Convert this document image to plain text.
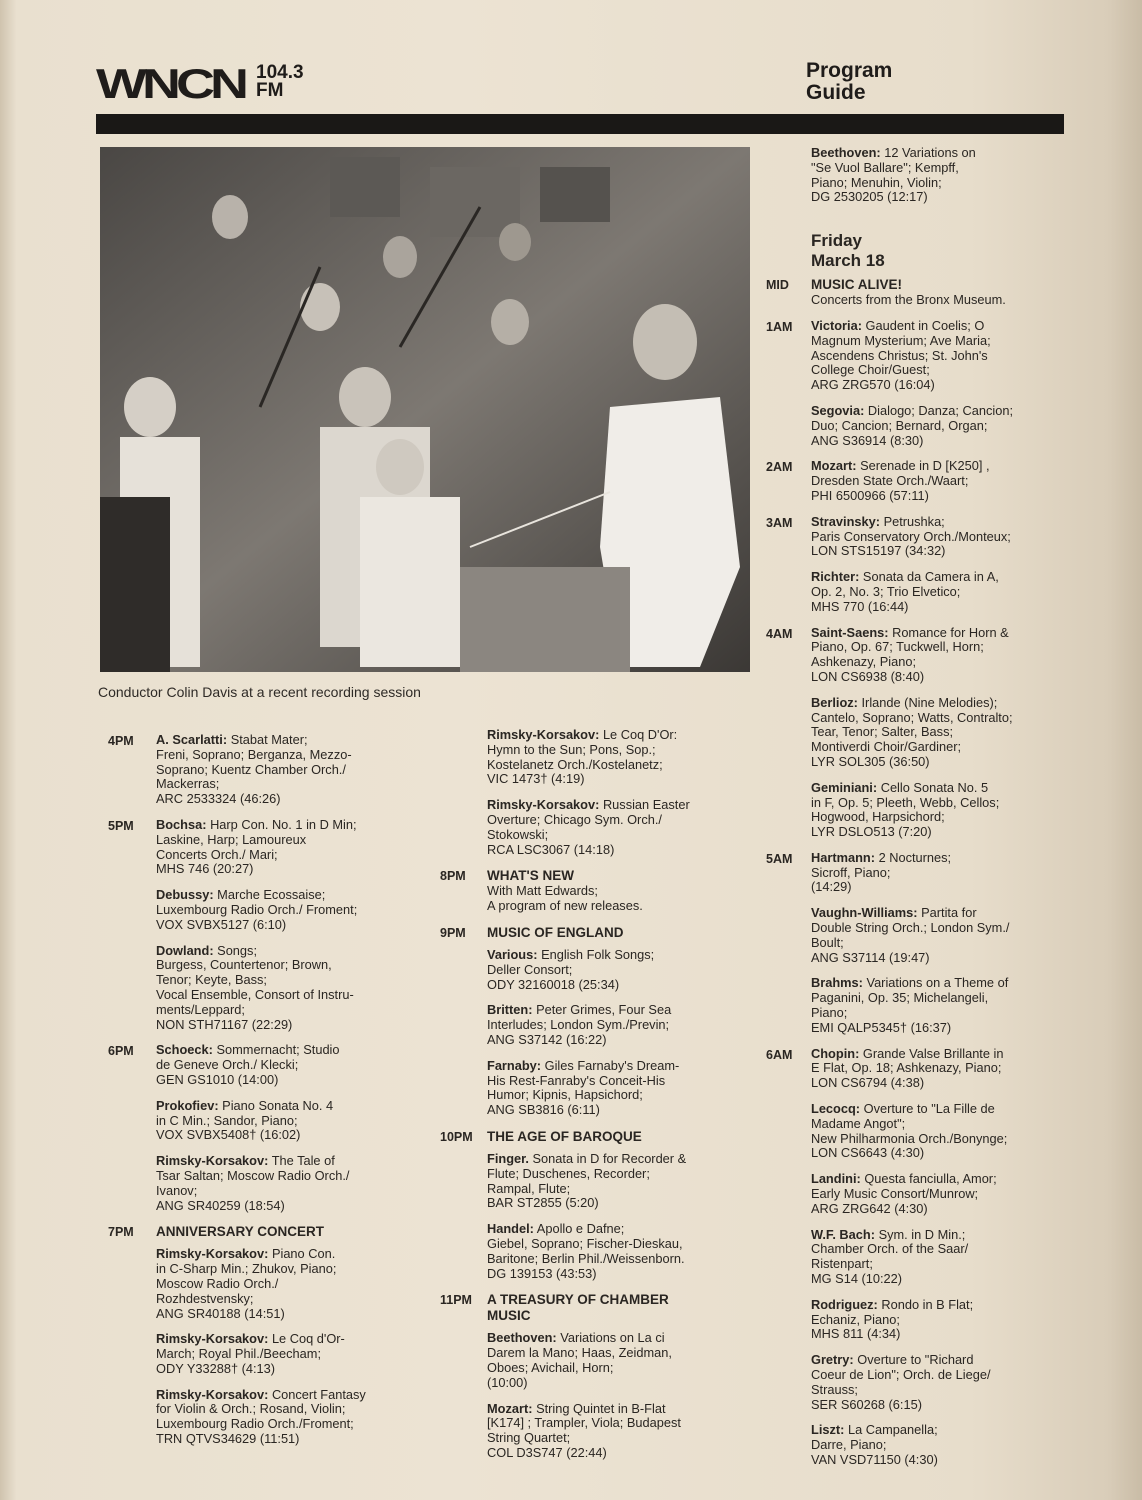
WNCN 104.3
FM
Program
Guide
Conductor Colin Davis at a recent recording session
4PM A. Scarlatti: Stabat Mater;
Freni, Soprano; Berganza, Mezzo-
Soprano; Kuentz Chamber Orch./
Mackerras;
ARC 2533324 (46:26)
5PM Bochsa: Harp Con. No. 1 in D Min;
Laskine, Harp; Lamoureux
Concerts Orch./ Mari;
MHS 746 (20:27)
Debussy: Marche Ecossaise;
Luxembourg Radio Orch./ Froment;
VOX SVBX5127 (6:10)
Dowland: Songs;
Burgess, Countertenor; Brown,
Tenor; Keyte, Bass;
Vocal Ensemble, Consort of Instru-
ments/Leppard;
NON STH71167 (22:29)
6PM Schoeck: Sommernacht; Studio
de Geneve Orch./ Klecki;
GEN GS1010 (14:00)
Prokofiev: Piano Sonata No. 4
in C Min.; Sandor, Piano;
VOX SVBX5408† (16:02)
Rimsky-Korsakov: The Tale of
Tsar Saltan; Moscow Radio Orch./
Ivanov;
ANG SR40259 (18:54)
7PM ANNIVERSARY CONCERT
Rimsky-Korsakov: Piano Con.
in C-Sharp Min.; Zhukov, Piano;
Moscow Radio Orch./
Rozhdestvensky;
ANG SR40188 (14:51)
Rimsky-Korsakov: Le Coq d'Or-
March; Royal Phil./Beecham;
ODY Y33288† (4:13)
Rimsky-Korsakov: Concert Fantasy
for Violin & Orch.; Rosand, Violin;
Luxembourg Radio Orch./Froment;
TRN QTVS34629 (11:51)
Rimsky-Korsakov: Le Coq D'Or:
Hymn to the Sun; Pons, Sop.;
Kostelanetz Orch./Kostelanetz;
VIC 1473† (4:19)
Rimsky-Korsakov: Russian Easter
Overture; Chicago Sym. Orch./
Stokowski;
RCA LSC3067 (14:18)
8PM WHAT'S NEW
With Matt Edwards;
A program of new releases.
9PM MUSIC OF ENGLAND
Various: English Folk Songs;
Deller Consort;
ODY 32160018 (25:34)
Britten: Peter Grimes, Four Sea
Interludes; London Sym./Previn;
ANG S37142 (16:22)
Farnaby: Giles Farnaby's Dream-
His Rest-Fanraby's Conceit-His
Humor; Kipnis, Hapsichord;
ANG SB3816 (6:11)
10PM THE AGE OF BAROQUE
Finger. Sonata in D for Recorder &
Flute; Duschenes, Recorder;
Rampal, Flute;
BAR ST2855 (5:20)
Handel: Apollo e Dafne;
Giebel, Soprano; Fischer-Dieskau,
Baritone; Berlin Phil./Weissenborn.
DG 139153 (43:53)
11PM A TREASURY OF CHAMBER
MUSIC
Beethoven: Variations on La ci
Darem la Mano; Haas, Zeidman,
Oboes; Avichail, Horn;
(10:00)
Mozart: String Quintet in B-Flat
[K174] ; Trampler, Viola; Budapest
String Quartet;
COL D3S747 (22:44)
Beethoven: 12 Variations on
"Se Vuol Ballare"; Kempff,
Piano; Menuhin, Violin;
DG 2530205 (12:17)
Friday
March 18
MID MUSIC ALIVE!
Concerts from the Bronx Museum.
1AM Victoria: Gaudent in Coelis; O
Magnum Mysterium; Ave Maria;
Ascendens Christus; St. John's
College Choir/Guest;
ARG ZRG570 (16:04)
Segovia: Dialogo; Danza; Cancion;
Duo; Cancion; Bernard, Organ;
ANG S36914 (8:30)
2AM Mozart: Serenade in D [K250] ,
Dresden State Orch./Waart;
PHI 6500966 (57:11)
3AM Stravinsky: Petrushka;
Paris Conservatory Orch./Monteux;
LON STS15197 (34:32)
Richter: Sonata da Camera in A,
Op. 2, No. 3; Trio Elvetico;
MHS 770 (16:44)
4AM Saint-Saens: Romance for Horn &
Piano, Op. 67; Tuckwell, Horn;
Ashkenazy, Piano;
LON CS6938 (8:40)
Berlioz: Irlande (Nine Melodies);
Cantelo, Soprano; Watts, Contralto;
Tear, Tenor; Salter, Bass;
Montiverdi Choir/Gardiner;
LYR SOL305 (36:50)
Geminiani: Cello Sonata No. 5
in F, Op. 5; Pleeth, Webb, Cellos;
Hogwood, Harpsichord;
LYR DSLO513 (7:20)
5AM Hartmann: 2 Nocturnes;
Sicroff, Piano;
(14:29)
Vaughn-Williams: Partita for
Double String Orch.; London Sym./
Boult;
ANG S37114 (19:47)
Brahms: Variations on a Theme of
Paganini, Op. 35; Michelangeli,
Piano;
EMI QALP5345† (16:37)
6AM Chopin: Grande Valse Brillante in
E Flat, Op. 18; Ashkenazy, Piano;
LON CS6794 (4:38)
Lecocq: Overture to "La Fille de
Madame Angot";
New Philharmonia Orch./Bonynge;
LON CS6643 (4:30)
Landini: Questa fanciulla, Amor;
Early Music Consort/Munrow;
ARG ZRG642 (4:30)
W.F. Bach: Sym. in D Min.;
Chamber Orch. of the Saar/
Ristenpart;
MG S14 (10:22)
Rodriguez: Rondo in B Flat;
Echaniz, Piano;
MHS 811 (4:34)
Gretry: Overture to "Richard
Coeur de Lion"; Orch. de Liege/
Strauss;
SER S60268 (6:15)
Liszt: La Campanella;
Darre, Piano;
VAN VSD71150 (4:30)
